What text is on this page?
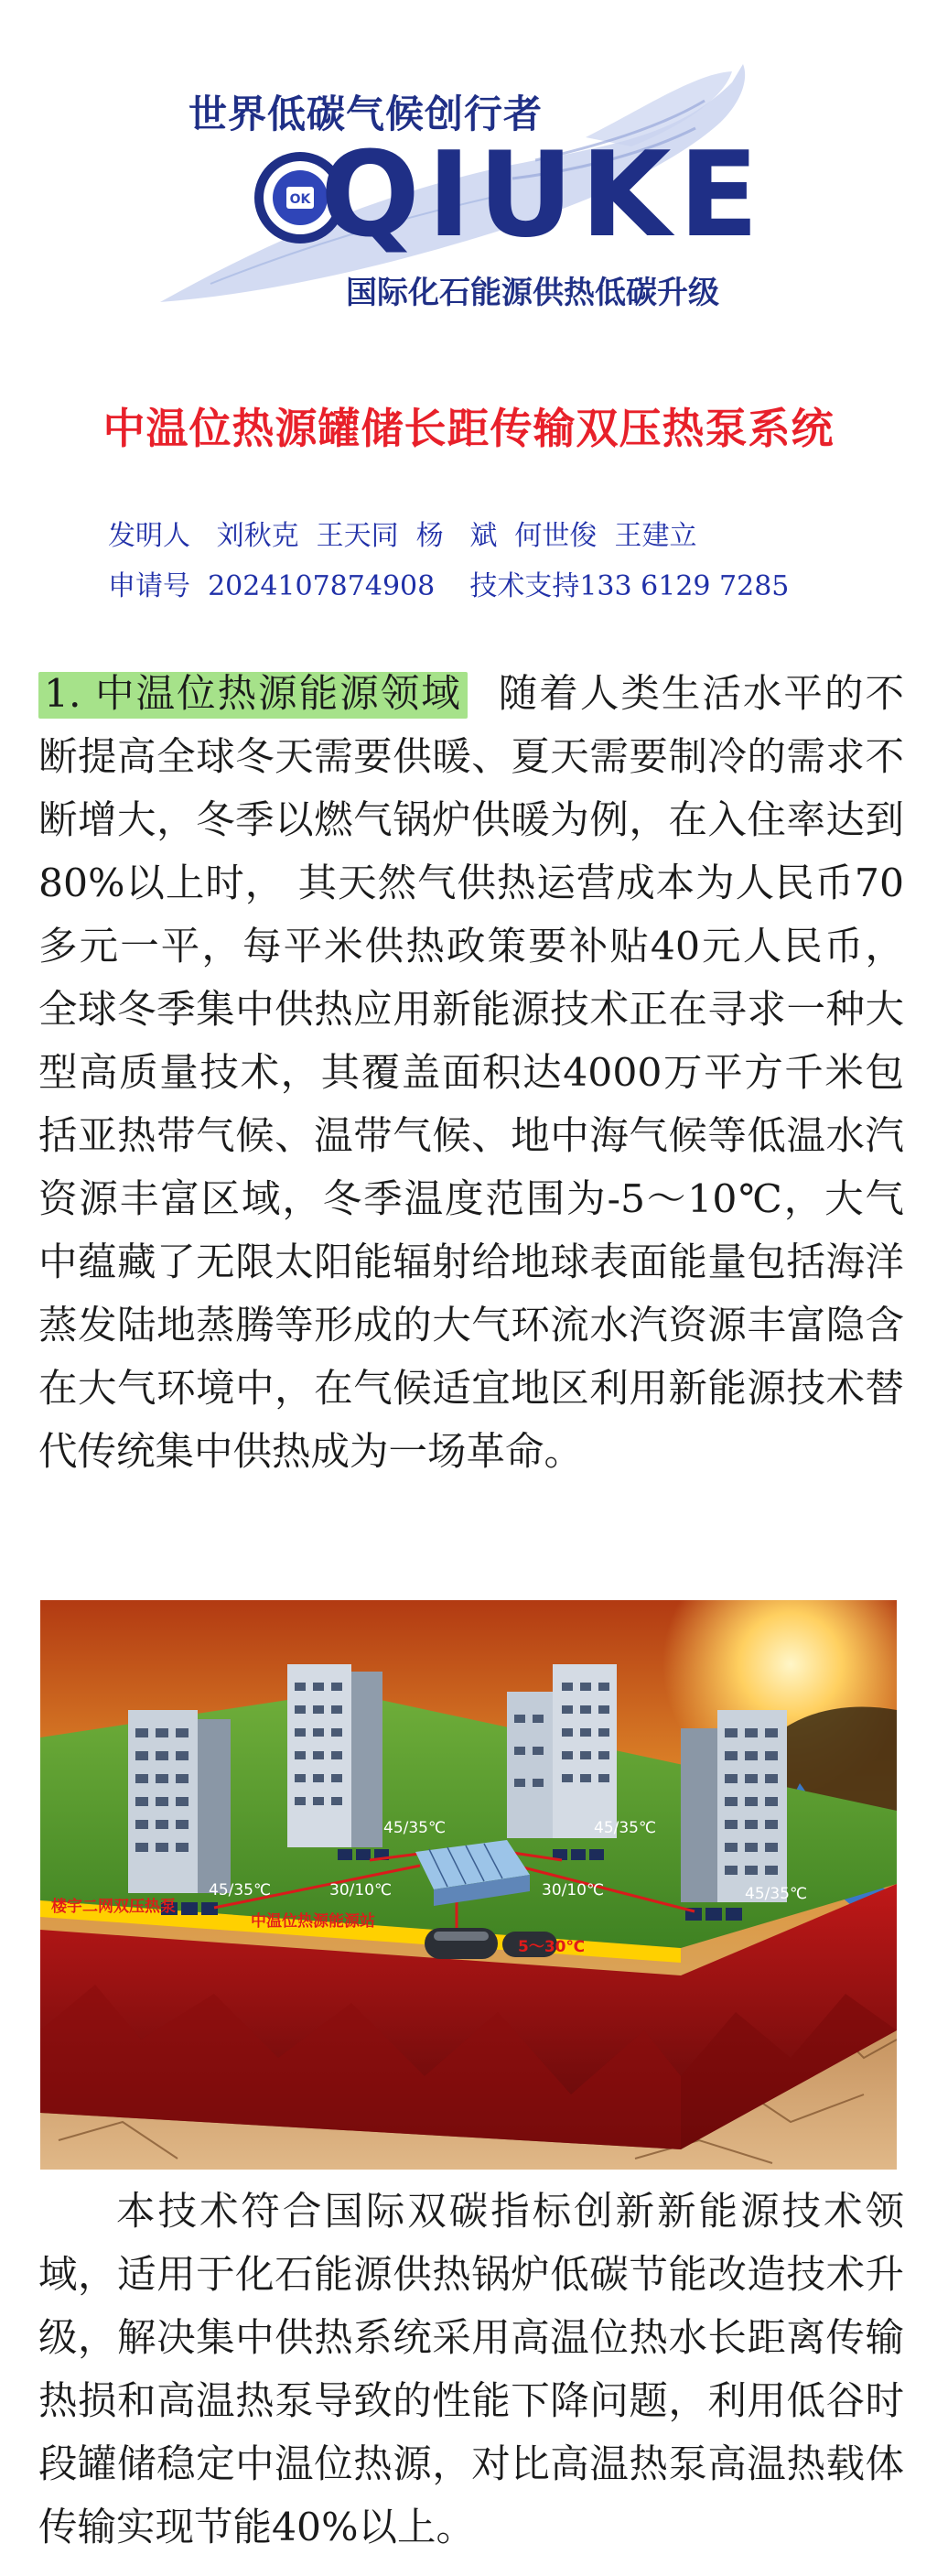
OK
世界低碳气候创行者
QIUKE
国际化石能源供热低碳升级
中温位热源罐储长距传输双压热泵系统
发明人   刘秋克  王天同  杨   斌  何世俊  王建立
申请号  2024107874908    技术支持133 6129 7285

1. 中温位热源能源领域 随着人类生活水平的不断提高全球冬天需要供暖、夏天需要制冷的需求不断增大，冬季以燃气锅炉供暖为例，在入住率达到80%以上时， 其天然气供热运营成本为人民币70多元一平，每平米供热政策要补贴40元人民币，全球冬季集中供热应用新能源技术正在寻求一种大型高质量技术，其覆盖面积达4000万平方千米包括亚热带气候、温带气候、地中海气候等低温水汽资源丰富区域，冬季温度范围为-5～10℃，大气中蕴藏了无限太阳能辐射给地球表面能量包括海洋蒸发陆地蒸腾等形成的大气环流水汽资源丰富隐含在大气环境中，在气候适宜地区利用新能源技术替代传统集中供热成为一场革命。

45/35℃
45/35℃	45/35℃
45/35℃
30/10℃	30/10℃
楼宇二网双压热泵
中温位热源能源站
5～30℃

本技术符合国际双碳指标创新新能源技术领域，适用于化石能源供热锅炉低碳节能改造技术升级，解决集中供热系统采用高温位热水长距离传输热损和高温热泵导致的性能下降问题，利用低谷时段罐储稳定中温位热源，对比高温热泵高温热载体传输实现节能40%以上。
